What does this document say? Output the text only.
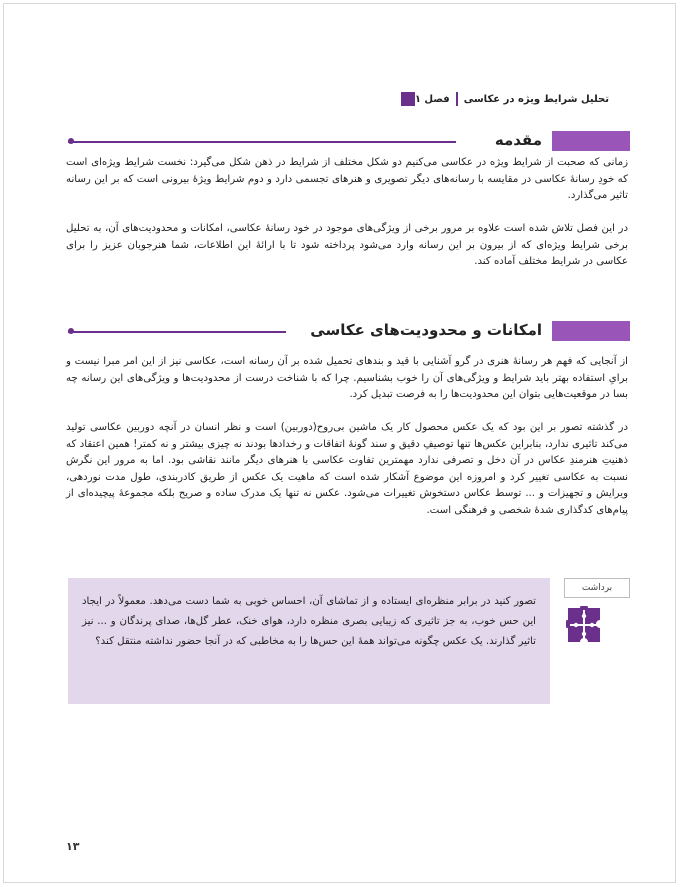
فصل ۱ تحلیل شرایط ویژه در عکاسی
مقدمه

زمانی که صحبت از شرایط ویژه در عکاسی می‌کنیم دو شکل مختلف از شرایط در ذهن شکل می‌گیرد: نخست شرایط ویژه‌ای است که خودِ رسانهٔ عکاسی در مقایسه با رسانه‌های دیگر تصویری و هنرهای تجسمی دارد و دوم شرایط ویژهٔ بیرونی است که بر این رسانه تاثیر می‌گذارد.

در این فصل تلاش شده است علاوه بر مرور برخی از ویژگی‌های موجود در خود رسانهٔ عکاسی، امکانات و محدودیت‌های آن، به تحلیل برخی شرایط ویژه‌ای که از بیرون بر این رسانه وارد می‌شود پرداخته شود تا با ارائهٔ این اطلاعات، شما هنرجویان عزیز را برای عکاسی در شرایط مختلف آماده کند.

امکانات و محدودیت‌های عکاسی

از آنجایی که فهم هر رسانهٔ هنری در گرو آشنایی با قید و بندهای تحمیل شده بر آن رسانه است، عکاسی نیز از این امر مبرا نیست و برایِ استفاده بهتر باید شرایط و ویژگی‌های آن را خوب بشناسیم. چرا که با شناخت درست از محدودیت‌ها و ویژگی‌های این رسانه چه بسا در موقعیت‌هایی بتوان این محدودیت‌ها را به فرصت تبدیل کرد.

در گذشته تصور بر این بود که یک عکس محصول کار یک ماشین بی‌روح(دوربین) است و نظر انسان در آنچه دوربین عکاسی تولید می‌کند تاثیری ندارد، بنابراین عکس‌ها تنها توصیفِ دقیق و سند گونهٔ اتفاقات و رخدادها بودند نه چیزی بیشتر و نه کمتر! همین اعتقاد که ذهنیتِ هنرمندِ عکاس در آن دخل و تصرفی ندارد مهمترین تفاوت عکاسی با هنرهای دیگر مانند نقاشی بود. اما به مرور این نگرش نسبت به عکاسی تغییر کرد و امروزه این موضوع آشکار شده است که ماهیت یک عکس از طریق کادربندی، طول مدت نوردهی، ویرایش و تجهیزات و ... توسط عکاس دستخوش تغییرات می‌شود. عکس نه تنها یک مدرک ساده و صریح بلکه مجموعهٔ پیچیده‌ای از پیام‌های کدگذاری شدهٔ شخصی و فرهنگی است.

تصور کنید در برابر منظره‌ای ایستاده و از تماشای آن، احساس خوبی به شما دست می‌دهد. معمولاً در ایجاد این حس خوب، به جز تاثیری که زیبایی بصری منظره دارد، هوای خنک، عطر گل‌ها، صدای پرندگان و ... نیز تاثیر گذارند. یک عکس چگونه می‌تواند همهٔ این حس‌ها را به مخاطبی که در آنجا حضور نداشته منتقل کند؟

برداشت
۱۳
